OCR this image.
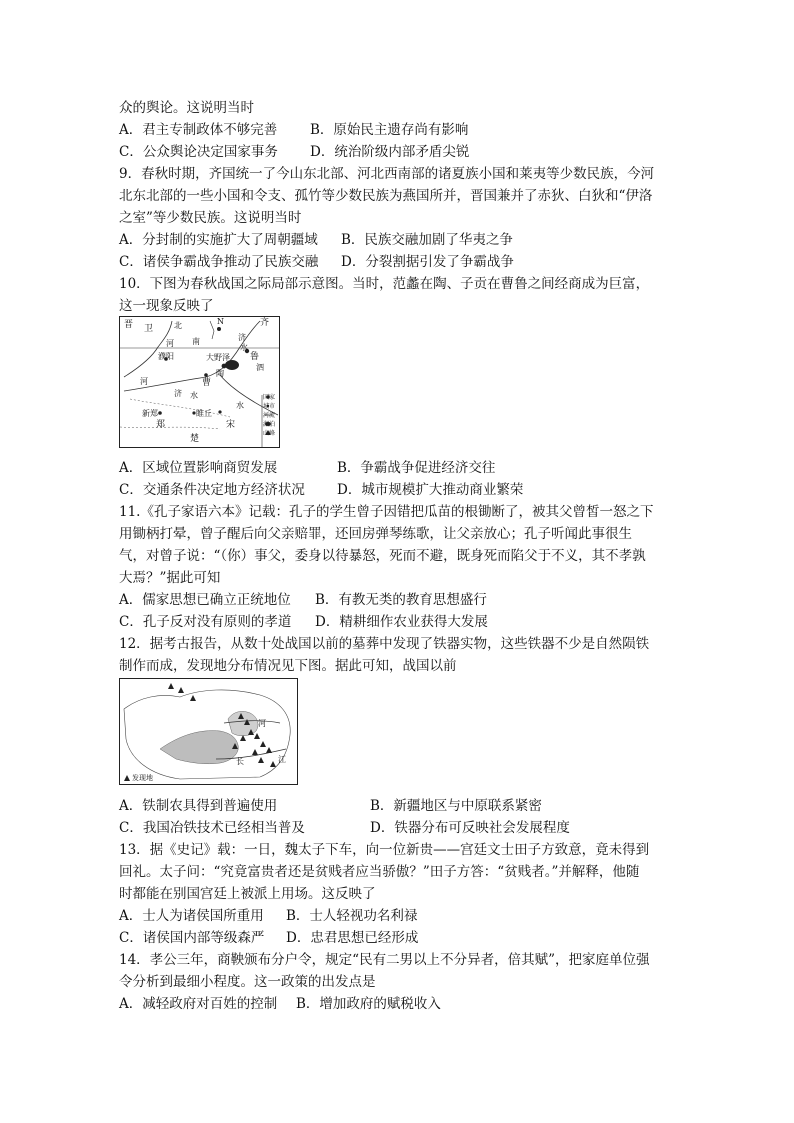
众的舆论。这说明当时
A．君主专制政体不够完善 B．原始民主遗存尚有影响
C．公众舆论决定国家事务 D．统治阶级内部矛盾尖锐
9．春秋时期，齐国统一了今山东北部、河北西南部的诸夏族小国和莱夷等少数民族，今河
北东北部的一些小国和令支、孤竹等少数民族为燕国所并，晋国兼并了赤狄、白狄和“伊洛
之室”等少数民族。这说明当时
A．分封制的实施扩大了周朝疆域 B．民族交融加剧了华夷之争
C．诸侯争霸战争推动了民族交融 D．分裂割据引发了争霸战争
10．下图为春秋战国之际局部示意图。当时，范蠡在陶、子贡在曹鲁之间经商成为巨富，
这一现象反映了
晋 卫	北
南
河
N	齐
济
水
濮阳	大野泽 鲁
陶
曹
河
济 水
泗
水
新郑	睢丘
郑	宋
楚
国家
城市
河流
湖泊
山峰
A．区域位置影响商贸发展	B．争霸战争促进经济交往
C．交通条件决定地方经济状况 D．城市规模扩大推动商业繁荣
11.《孔子家语六本》记载：孔子的学生曾子因错把瓜苗的根锄断了，被其父曾皙一怒之下
用锄柄打晕，曾子醒后向父亲赔罪，还回房弹琴练歌，让父亲放心；孔子听闻此事很生
气，对曾子说：“（你）事父，委身以待暴怒，死而不避，既身死而陷父于不义，其不孝孰
大焉？”据此可知
A．儒家思想已确立正统地位 B．有教无类的教育思想盛行
C．孔子反对没有原则的孝道 D．精耕细作农业获得大发展
12．据考古报告，从数十处战国以前的墓葬中发现了铁器实物，这些铁器不少是自然陨铁
制作而成，发现地分布情况见下图。据此可知，战国以前
河
江
长
发现地
A．铁制农具得到普遍使用	B．新疆地区与中原联系紧密
C．我国冶铁技术已经相当普及	D．铁器分布可反映社会发展程度
13．据《史记》载：一日，魏太子下车，向一位新贵——宫廷文士田子方致意，竟未得到
回礼。太子问：“究竟富贵者还是贫贱者应当骄傲？”田子方答：“贫贱者。”并解释，他随
时都能在别国宫廷上被派上用场。这反映了
A．士人为诸侯国所重用 B．士人轻视功名利禄
C．诸侯国内部等级森严 D．忠君思想已经形成
14．孝公三年，商鞅颁布分户令，规定“民有二男以上不分异者，倍其赋”，把家庭单位强
令分析到最细小程度。这一政策的出发点是
A．减轻政府对百姓的控制 B．增加政府的赋税收入
